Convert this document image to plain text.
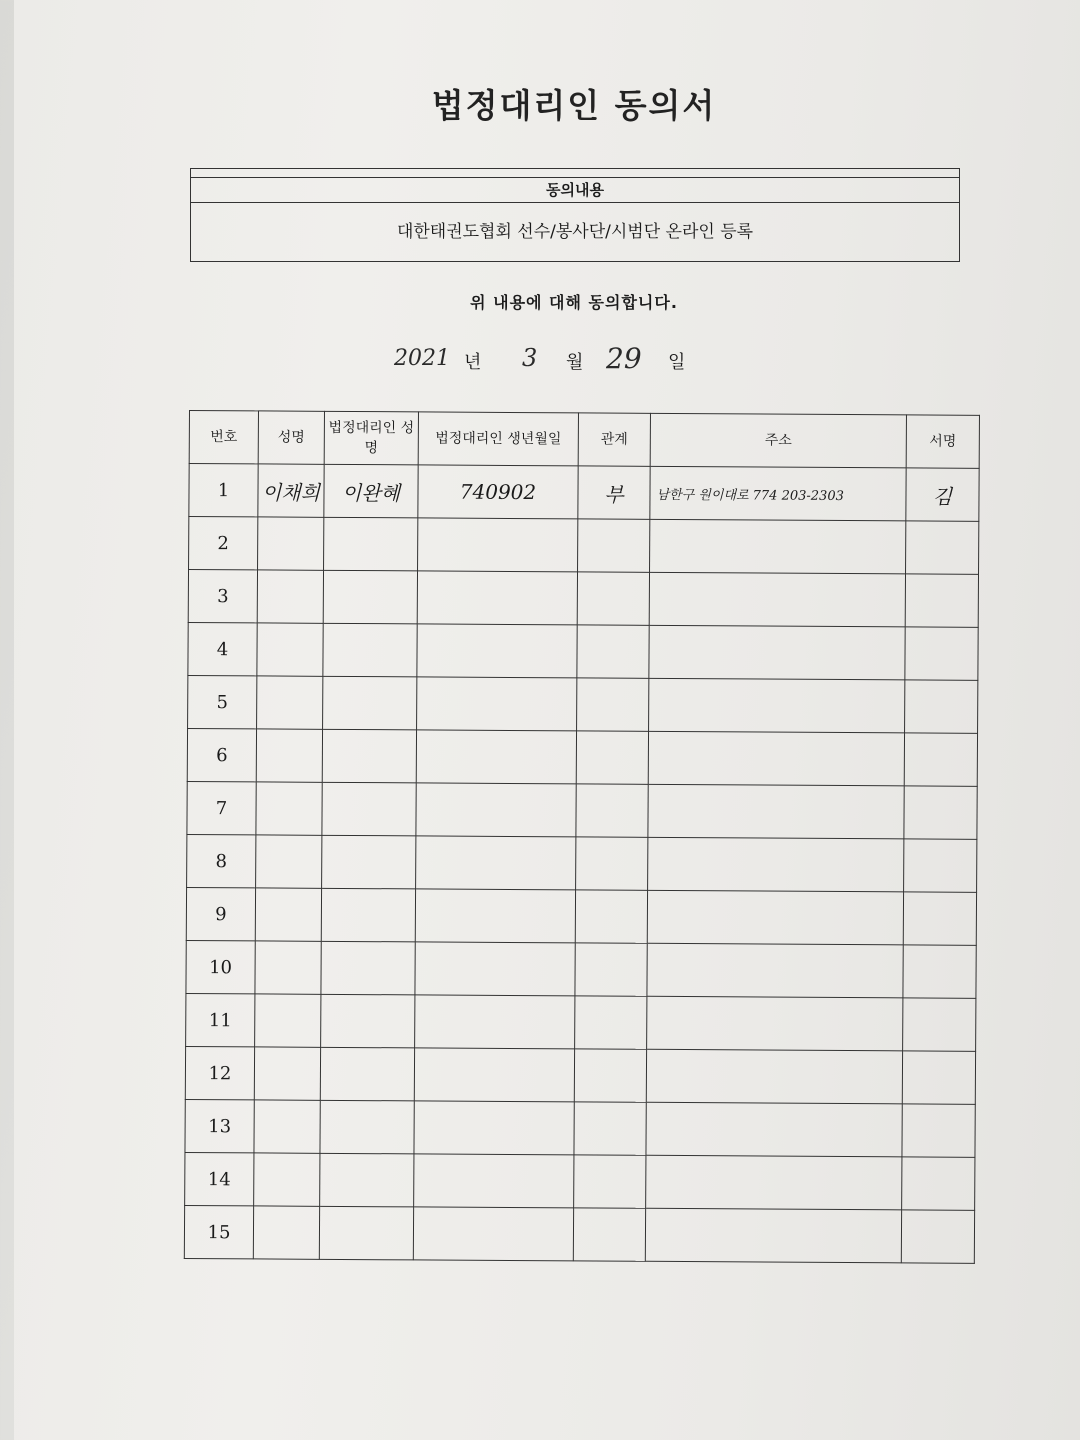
법정대리인 동의서
동의내용
대한태권도협회 선수/봉사단/시범단 온라인 등록
위 내용에 대해 동의합니다.
2021 년 3 월 29 일
번호	성명	법정대리인 성명	법정대리인 생년월일	관계	주소	서명
1	이채희	이완혜	740902	부	남한구 원이대로 774 203-2303	김
2						
3						
4						
5						
6						
7						
8						
9						
10						
11						
12						
13						
14						
15						
